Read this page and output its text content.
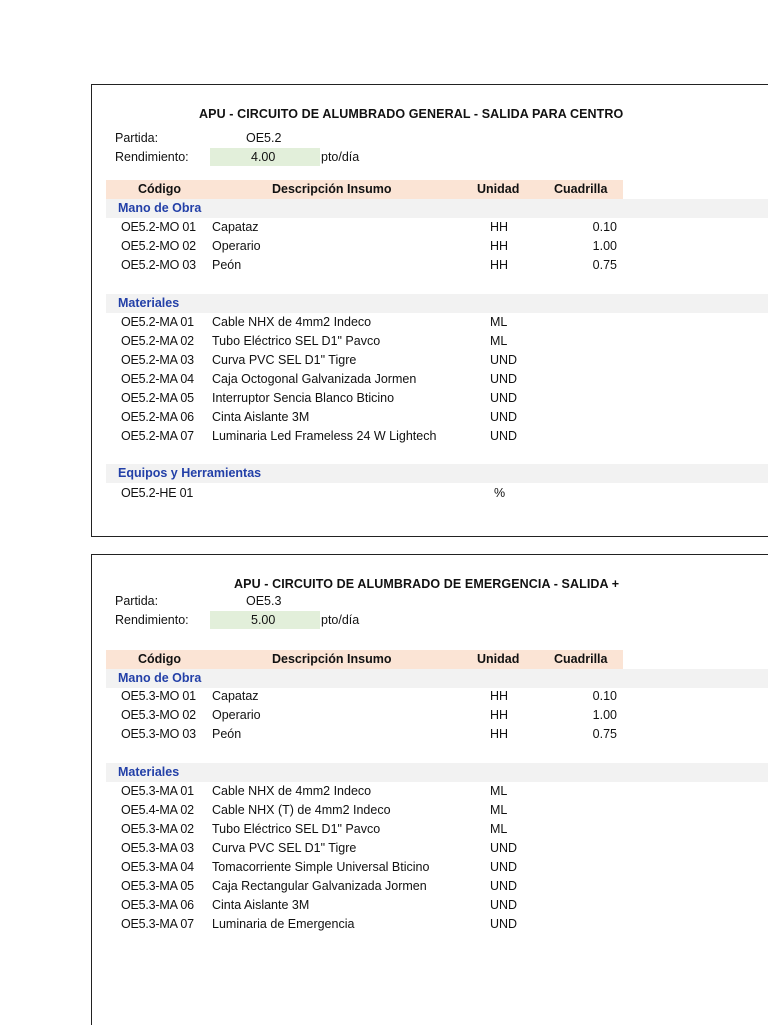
APU - CIRCUITO DE ALUMBRADO GENERAL - SALIDA PARA CENTRO
Partida:	OE5.2
Rendimiento:	4.00	pto/día
Código	Descripción Insumo	Unidad	Cuadrilla
Mano de Obra
OE5.2-MO 01 Capataz	HH	0.10
OE5.2-MO 02 Operario	HH	1.00
OE5.2-MO 03 Peón	HH	0.75
Materiales
OE5.2-MA 01 Cable NHX de 4mm2 Indeco	ML
OE5.2-MA 02 Tubo Eléctrico SEL D1" Pavco	ML
OE5.2-MA 03 Curva PVC SEL D1" Tigre	UND
OE5.2-MA 04 Caja Octogonal Galvanizada Jormen	UND
OE5.2-MA 05 Interruptor Sencia Blanco Bticino	UND
OE5.2-MA 06 Cinta Aislante 3M	UND
OE5.2-MA 07 Luminaria Led Frameless 24 W Lightech	UND
Equipos y Herramientas
OE5.2-HE 01	%
APU - CIRCUITO DE ALUMBRADO DE EMERGENCIA - SALIDA +
Partida:	OE5.3
Rendimiento:	5.00	pto/día
Código	Descripción Insumo	Unidad	Cuadrilla
Mano de Obra
OE5.3-MO 01 Capataz	HH	0.10
OE5.3-MO 02 Operario	HH	1.00
OE5.3-MO 03 Peón	HH	0.75
Materiales
OE5.3-MA 01 Cable NHX de 4mm2 Indeco	ML
OE5.4-MA 02 Cable NHX (T) de 4mm2 Indeco	ML
OE5.3-MA 02 Tubo Eléctrico SEL D1" Pavco	ML
OE5.3-MA 03 Curva PVC SEL D1" Tigre	UND
OE5.3-MA 04 Tomacorriente Simple Universal Bticino	UND
OE5.3-MA 05 Caja Rectangular Galvanizada Jormen	UND
OE5.3-MA 06 Cinta Aislante 3M	UND
OE5.3-MA 07 Luminaria de Emergencia	UND
